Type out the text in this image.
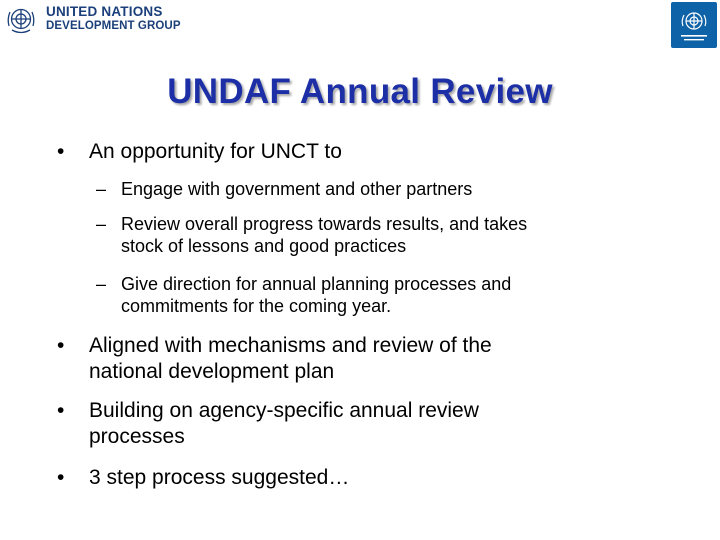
UNITED NATIONS
DEVELOPMENT GROUP
UNDAF Annual Review
• An opportunity for UNCT to
– Engage with government and other partners
– Review overall progress towards results, and takes
stock of lessons and good practices
– Give direction for annual planning processes and
commitments for the coming year.
• Aligned with mechanisms and review of the
national development plan
• Building on agency-specific annual review
processes
• 3 step process suggested…
